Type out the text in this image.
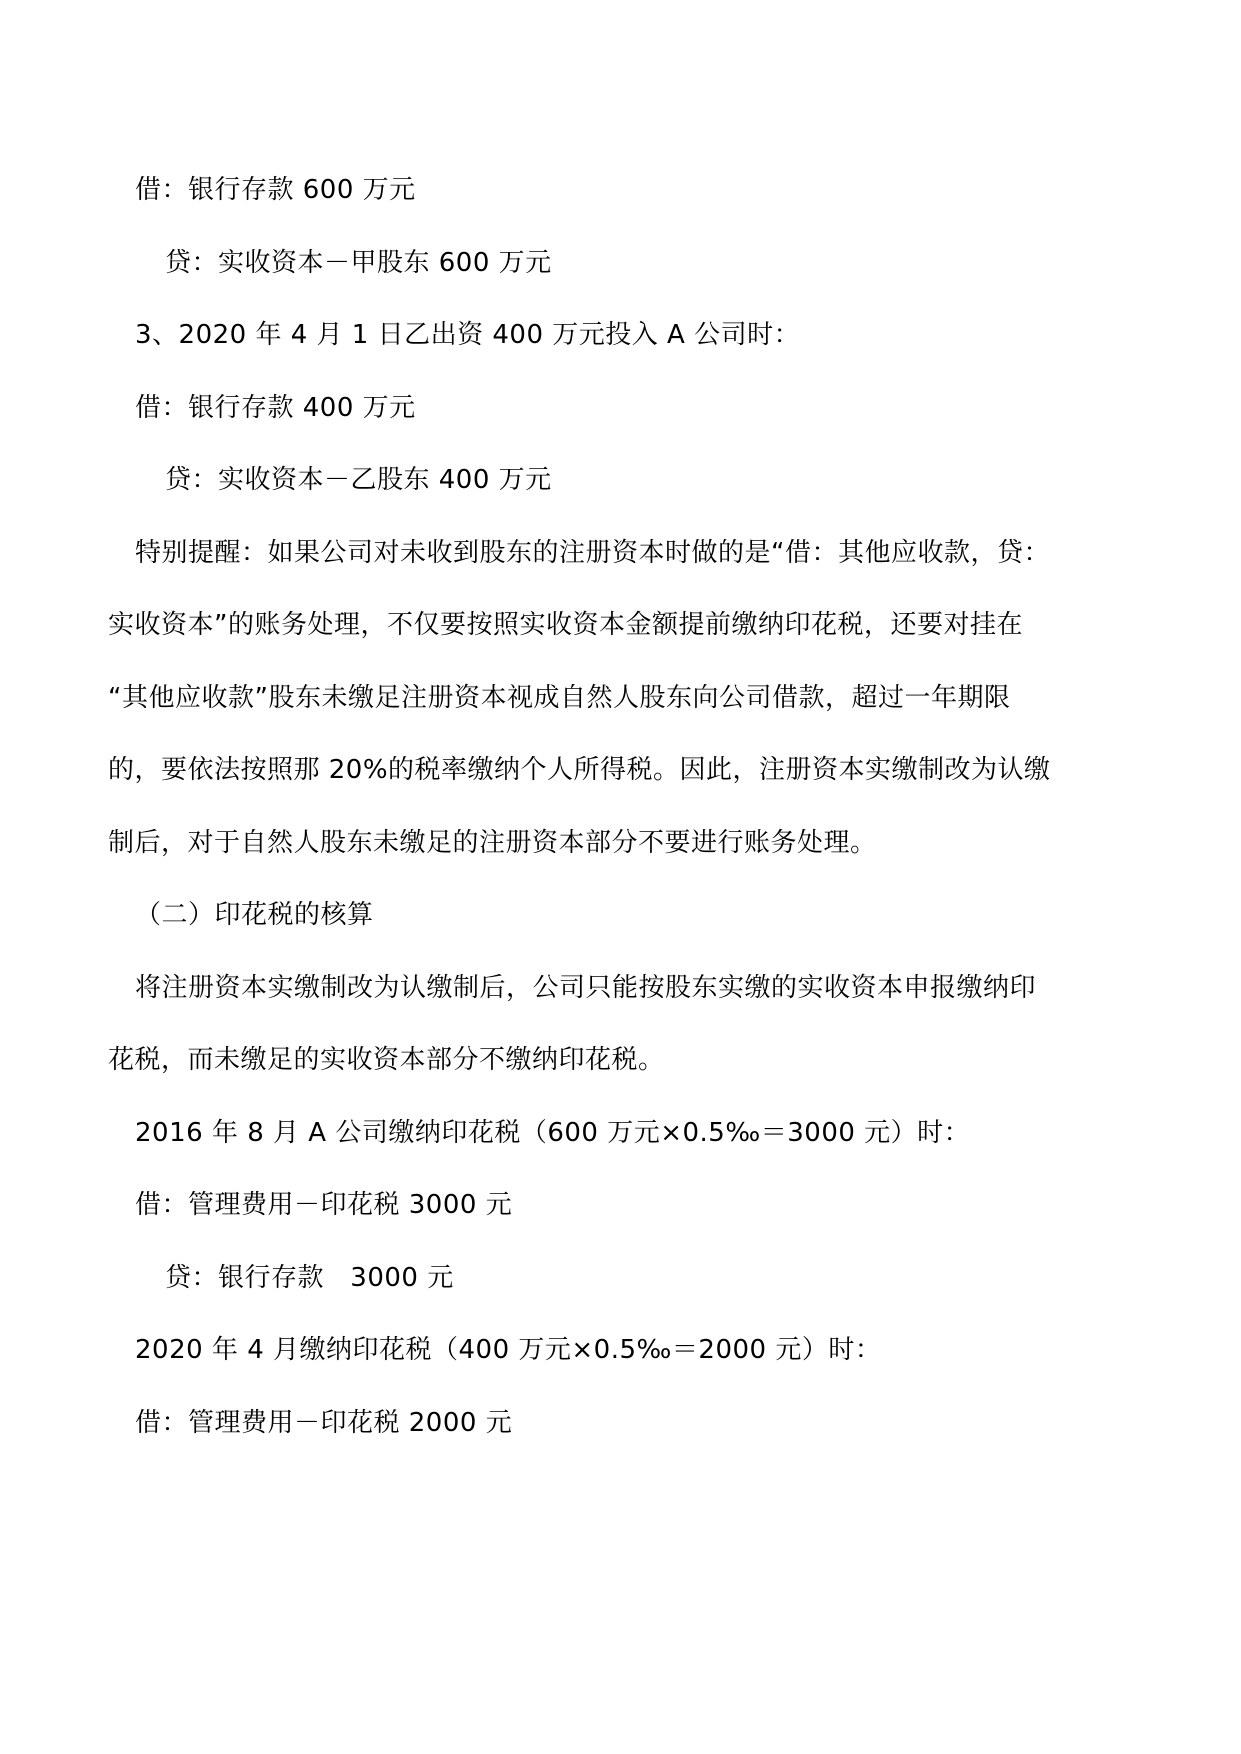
借：银行存款 600 万元
贷：实收资本－甲股东 600 万元
3、2020 年 4 月 1 日乙出资 400 万元投入 A 公司时：
借：银行存款 400 万元
贷：实收资本－乙股东 400 万元
特别提醒：如果公司对未收到股东的注册资本时做的是“借：其他应收款，贷：
实收资本”的账务处理，不仅要按照实收资本金额提前缴纳印花税，还要对挂在
“其他应收款”股东未缴足注册资本视成自然人股东向公司借款，超过一年期限
的，要依法按照那 20%的税率缴纳个人所得税。因此，注册资本实缴制改为认缴
制后，对于自然人股东未缴足的注册资本部分不要进行账务处理。
（二）印花税的核算
将注册资本实缴制改为认缴制后，公司只能按股东实缴的实收资本申报缴纳印
花税，而未缴足的实收资本部分不缴纳印花税。
2016 年 8 月 A 公司缴纳印花税（600 万元×0.5‰＝3000 元）时：
借：管理费用－印花税 3000 元
贷：银行存款   3000 元
2020 年 4 月缴纳印花税（400 万元×0.5‰＝2000 元）时：
借：管理费用－印花税 2000 元
